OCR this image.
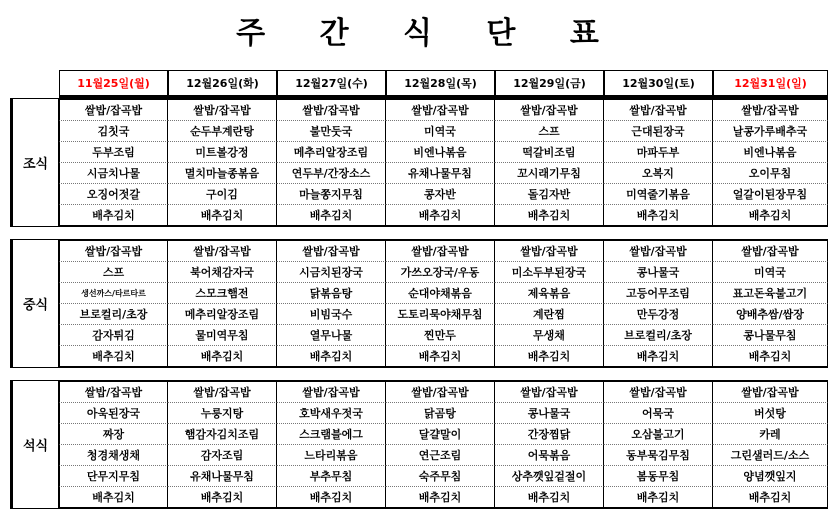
주 간 식 단 표
	11월25일(월)	12월26일(화)	12월27일(수)	12월28일(목)	12월29일(금)	12월30일(토)	12월31일(일)
조식	쌀밥/잡곡밥	쌀밥/잡곡밥	쌀밥/잡곡밥	쌀밥/잡곡밥	쌀밥/잡곡밥	쌀밥/잡곡밥	쌀밥/잡곡밥
	김칫국	순두부계란탕	불만둣국	미역국	스프	근대된장국	날콩가루배추국
	두부조림	미트볼강정	메추리알장조림	비엔나볶음	떡갈비조림	마파두부	비엔나볶음
	시금치나물	멸치마늘종볶음	연두부/간장소스	유채나물무침	꼬시래기무침	오복지	오이무침
	오징어젓갈	구이김	마늘쫑지무침	콩자반	돌김자반	미역줄기볶음	얼갈이된장무침
	배추김치	배추김치	배추김치	배추김치	배추김치	배추김치	배추김치

중식	쌀밥/잡곡밥	쌀밥/잡곡밥	쌀밥/잡곡밥	쌀밥/잡곡밥	쌀밥/잡곡밥	쌀밥/잡곡밥	쌀밥/잡곡밥
	스프	북어채감자국	시금치된장국	가쓰오장국/우동	미소두부된장국	콩나물국	미역국
	생선까스/타르타르	스모크햄전	닭볶음탕	순대야채볶음	제육볶음	고등어무조림	표고돈육불고기
	브로컬리/초장	메추리알장조림	비빔국수	도토리묵야채무침	계란찜	만두강정	양배추쌈/쌈장
	감자튀김	물미역무침	열무나물	찐만두	무생채	브로컬리/초장	콩나물무침
	배추김치	배추김치	배추김치	배추김치	배추김치	배추김치	배추김치

석식	쌀밥/잡곡밥	쌀밥/잡곡밥	쌀밥/잡곡밥	쌀밥/잡곡밥	쌀밥/잡곡밥	쌀밥/잡곡밥	쌀밥/잡곡밥
	아욱된장국	누룽지탕	호박새우젓국	닭곰탕	콩나물국	어묵국	버섯탕
	짜장	햄감자김치조림	스크램블에그	달걀말이	간장찜닭	오삼불고기	카레
	청경채생채	감자조림	느타리볶음	연근조림	어묵볶음	동부묵김무침	그린샐러드/소스
	단무지무침	유채나물무침	부추무침	숙주무침	상추깻잎겉절이	봄동무침	양념깻잎지
	배추김치	배추김치	배추김치	배추김치	배추김치	배추김치	배추김치
